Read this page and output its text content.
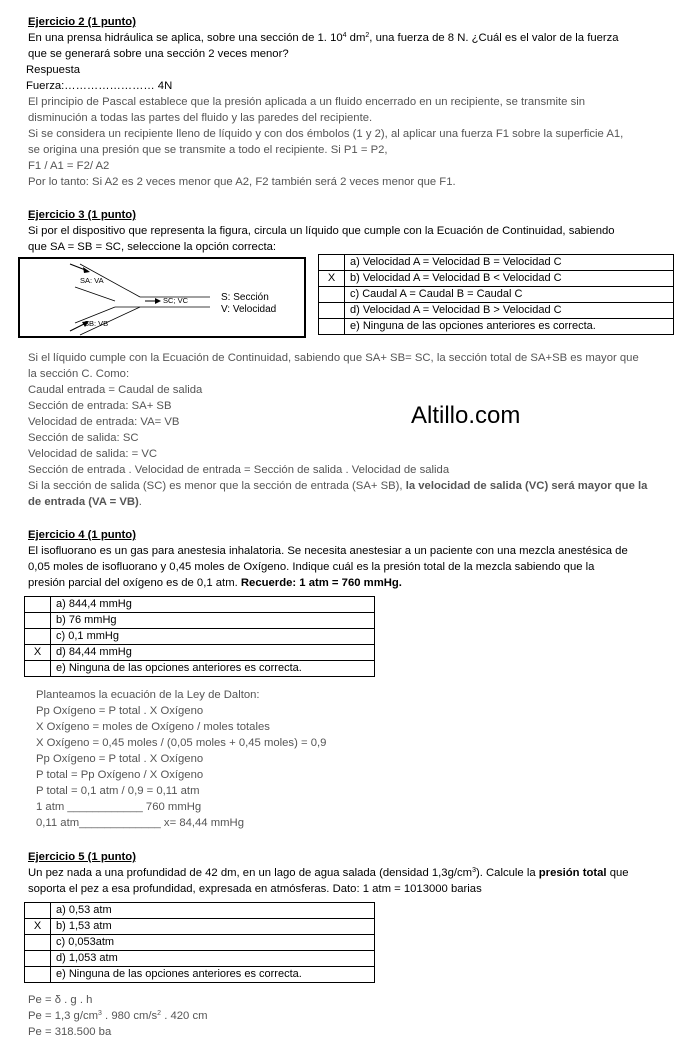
Ejercicio 2 (1 punto)

En una prensa hidráulica se aplica, sobre una sección de 1. $10^4$ $dm^2$, una fuerza de 8 N. ¿Cuál es el valor de la fuerza

que se generará sobre una sección 2 veces menor?

Respuesta

Fuerza:…………………… 4N

El principio de Pascal establece que la presión aplicada a un fluido encerrado en un recipiente, se transmite sin

disminución a todas las partes del fluido y las paredes del recipiente.

Si se considera un recipiente lleno de líquido y con dos émbolos (1 y 2), al aplicar una fuerza F1 sobre la superficie A1,

se origina una presión que se transmite a todo el recipiente. Si P1 = P2,

F1 / A1 = F2/ A2

Por lo tanto: Si A2 es 2 veces menor que A2, F2 también será 2 veces menor que F1.

Ejercicio 3 (1 punto)

Si por el dispositivo que representa la figura, circula un líquido que cumple con la Ecuación de Continuidad, sabiendo

que SA = SB = SC, seleccione la opción correcta:

SA: VA
SC; VC
SB: VB
S: Sección
V: Velocidad
	a) Velocidad A = Velocidad B = Velocidad C
X	b) Velocidad A = Velocidad B < Velocidad C
	c) Caudal A = Caudal B = Caudal C
	d) Velocidad A = Velocidad B > Velocidad C
	e) Ninguna de las opciones anteriores es correcta.

Si el líquido cumple con la Ecuación de Continuidad, sabiendo que SA+ SB= SC, la sección total de SA+SB es mayor que

la sección C. Como:

Caudal entrada = Caudal de salida

Sección de entrada: SA+ SB

Velocidad de entrada: VA= VB

Sección de salida: SC

Velocidad de salida: = VC

Sección de entrada . Velocidad de entrada = Sección de salida . Velocidad de salida

Si la sección de salida (SC) es menor que la sección de entrada (SA+ SB), la velocidad de salida (VC) será mayor que la

de entrada (VA = VB).

Altillo.com

Ejercicio 4 (1 punto)

El isofluorano es un gas para anestesia inhalatoria. Se necesita anestesiar a un paciente con una mezcla anestésica de

0,05 moles de isofluorano y 0,45 moles de Oxígeno. Indique cuál es la presión total de la mezcla sabiendo que la

presión parcial del oxígeno es de 0,1 atm. Recuerde: 1 atm = 760 mmHg.

	a) 844,4 mmHg
	b) 76 mmHg
	c) 0,1 mmHg
X	d) 84,44 mmHg
	e) Ninguna de las opciones anteriores es correcta.

Planteamos la ecuación de la Ley de Dalton:

Pp Oxígeno = P total . X Oxígeno

X Oxígeno = moles de Oxígeno / moles totales

X Oxígeno = 0,45 moles / (0,05 moles + 0,45 moles) = 0,9

Pp Oxígeno = P total . X Oxígeno

P total = Pp Oxígeno / X Oxígeno

P total = 0,1 atm / 0,9 = 0,11 atm

1 atm ____________ 760 mmHg

0,11 atm_____________ x= 84,44 mmHg

Ejercicio 5 (1 punto)

Un pez nada a una profundidad de 42 dm, en un lago de agua salada (densidad $1,3g/cm^3$). Calcule la presión total que

soporta el pez a esa profundidad, expresada en atmósferas. Dato: 1 atm = 1013000 barias

	a) 0,53 atm
X	b) 1,53 atm
	c) 0,053atm
	d) 1,053 atm
	e) Ninguna de las opciones anteriores es correcta.

Pe = δ . g . h

Pe = 1,3 $g/cm^3$ . 980 $cm/s^2$ . 420 cm

Pe = 318.500 ba
